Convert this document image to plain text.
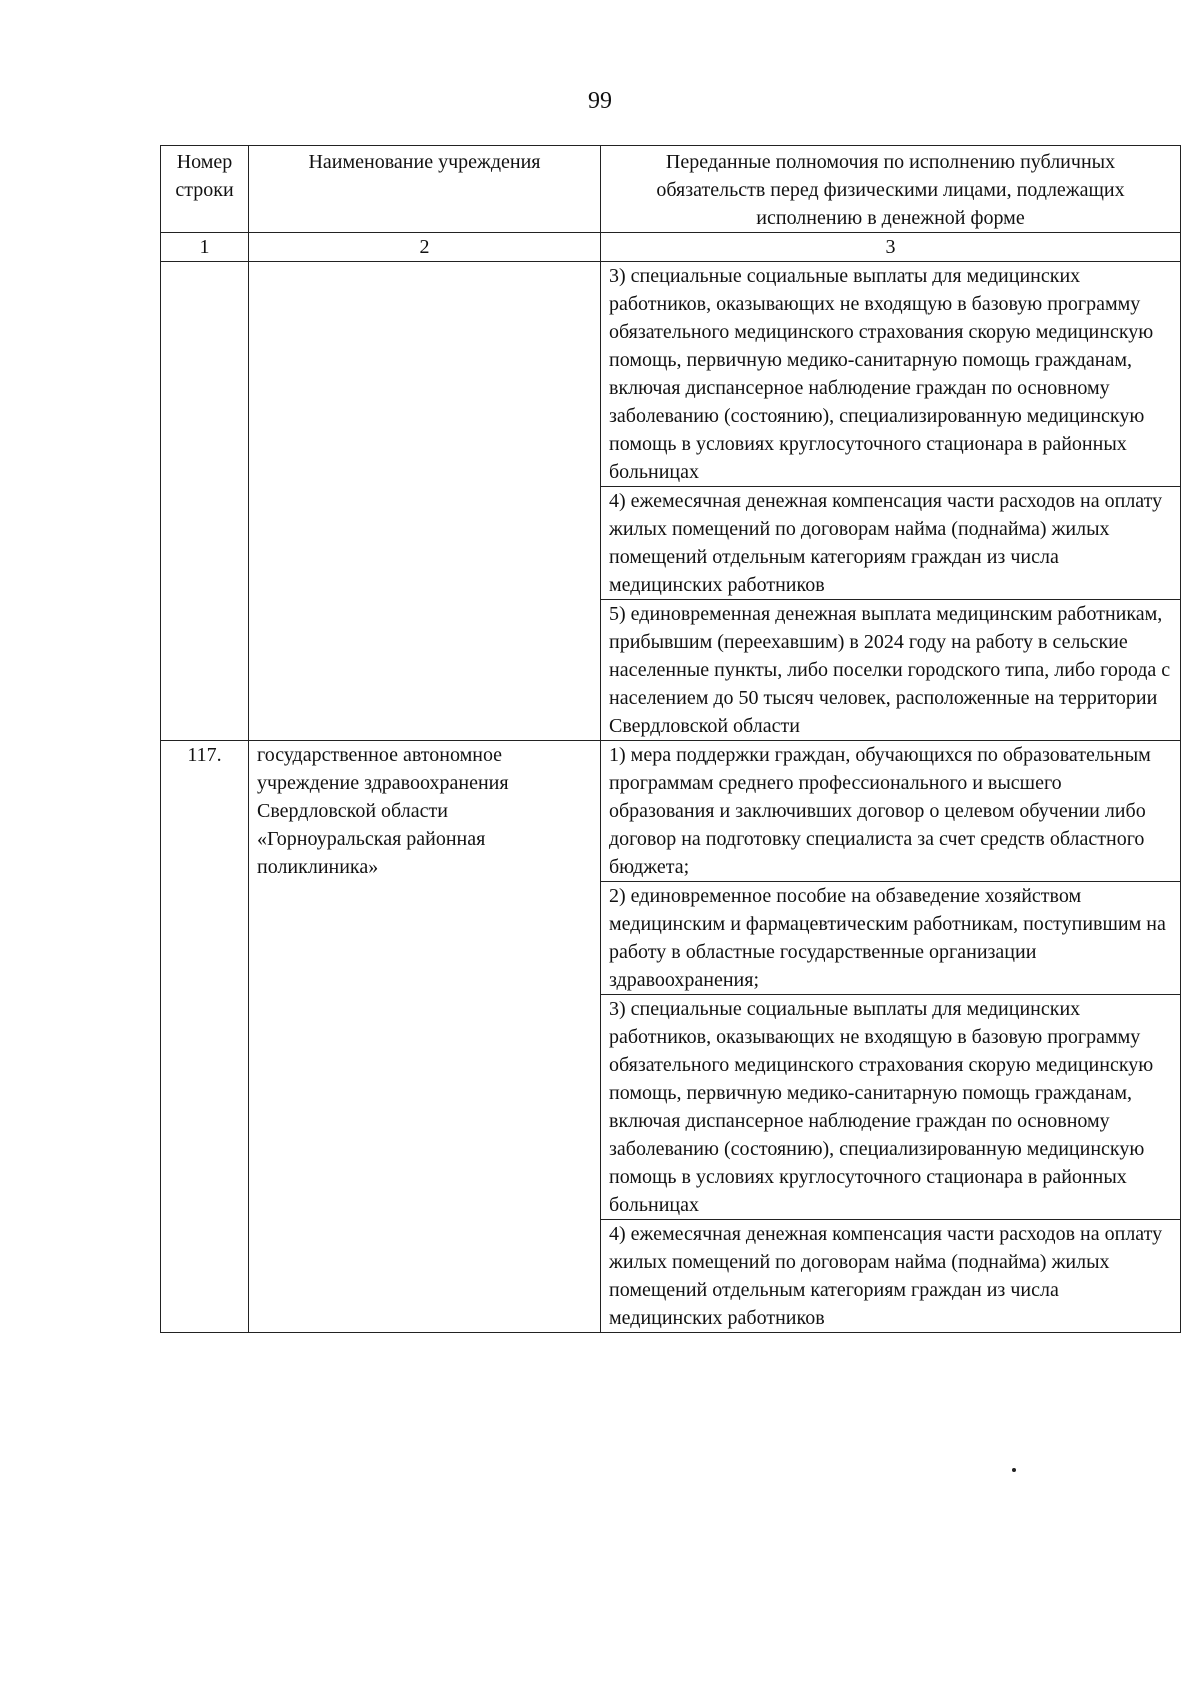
99
Номер строки	Наименование учреждения	Переданные полномочия по исполнению публичных обязательств перед физическими лицами, подлежащих исполнению в денежной форме
1	2	3
		3) специальные социальные выплаты для медицинских работников, оказывающих не входящую в базовую программу обязательного медицинского страхования скорую медицинскую помощь, первичную медико-санитарную помощь гражданам, включая диспансерное наблюдение граждан по основному заболеванию (состоянию), специализированную медицинскую помощь в условиях круглосуточного стационара в районных больницах
		4) ежемесячная денежная компенсация части расходов на оплату жилых помещений по договорам найма (поднайма) жилых помещений отдельным категориям граждан из числа медицинских работников
		5) единовременная денежная выплата медицинским работникам, прибывшим (переехавшим) в 2024 году на работу в сельские населенные пункты, либо поселки городского типа, либо города с населением до 50 тысяч человек, расположенные на территории Свердловской области
117.	государственное автономное учреждение здравоохранения Свердловской области «Горноуральская районная поликлиника»	1) мера поддержки граждан, обучающихся по образовательным программам среднего профессионального и высшего образования и заключивших договор о целевом обучении либо договор на подготовку специалиста за счет средств областного бюджета;
		2) единовременное пособие на обзаведение хозяйством медицинским и фармацевтическим работникам, поступившим на работу в областные государственные организации здравоохранения;
		3) специальные социальные выплаты для медицинских работников, оказывающих не входящую в базовую программу обязательного медицинского страхования скорую медицинскую помощь, первичную медико-санитарную помощь гражданам, включая диспансерное наблюдение граждан по основному заболеванию (состоянию), специализированную медицинскую помощь в условиях круглосуточного стационара в районных больницах
		4) ежемесячная денежная компенсация части расходов на оплату жилых помещений по договорам найма (поднайма) жилых помещений отдельным категориям граждан из числа медицинских работников
